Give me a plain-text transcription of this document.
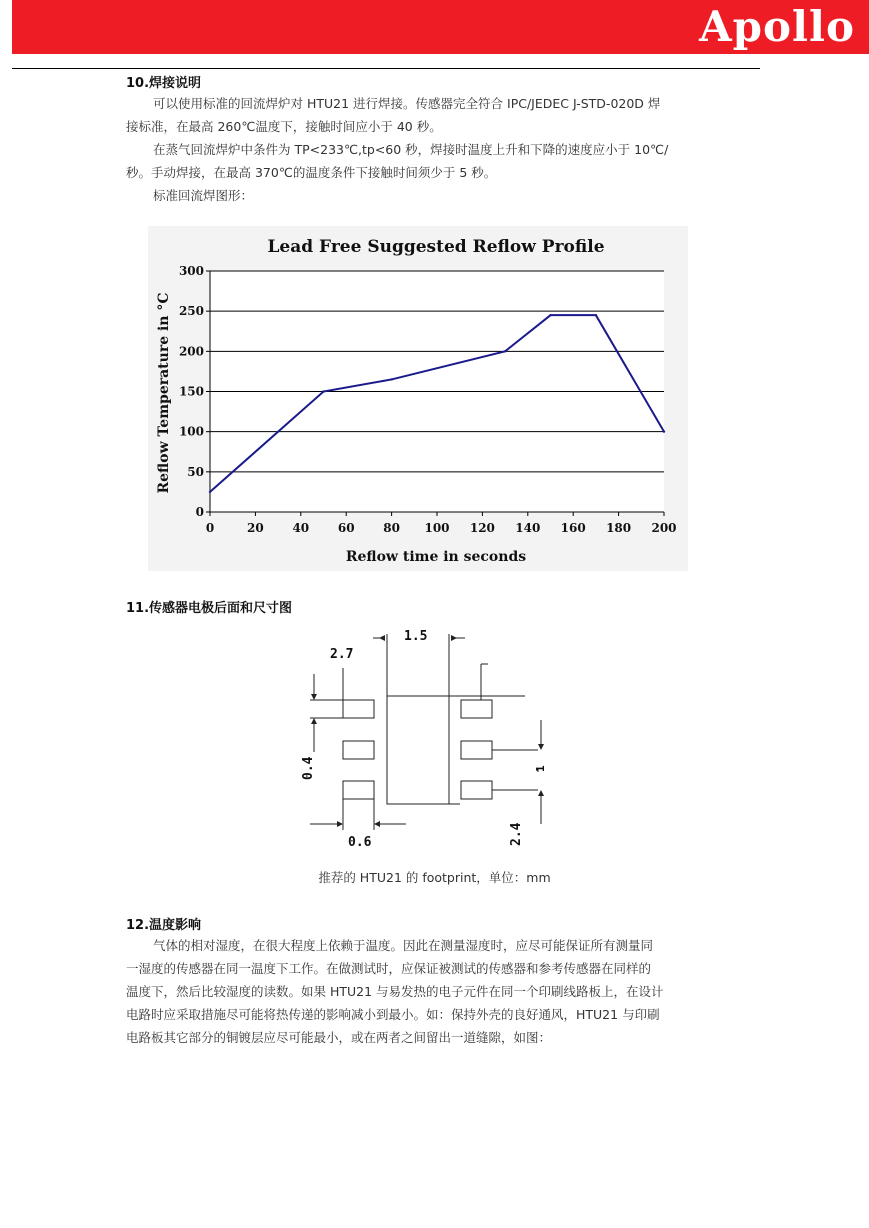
Apollo
10.焊接说明

可以使用标准的回流焊炉对 HTU21 进行焊接。传感器完全符合 IPC/JEDEC J-STD-020D 焊
接标准，在最高 260℃温度下，接触时间应小于 40 秒。
在蒸气回流焊炉中条件为 TP<233℃,tp<60 秒，焊接时温度上升和下降的速度应小于 10℃/
秒。手动焊接，在最高 370℃的温度条件下接触时间须少于 5 秒。
标准回流焊图形：

Lead Free Suggested Reflow Profile
Reflow Temperature in °C
Reflow time in seconds
0
50
100
150
200
250
300
0	20 40 60 80 100 120 140 160 180 200
11.传感器电极后面和尺寸图
1.5
2.7
0.4
0.6	2.4
1
推荐的 HTU21 的 footprint，单位：mm
12.温度影响

气体的相对湿度，在很大程度上依赖于温度。因此在测量湿度时，应尽可能保证所有测量同
一湿度的传感器在同一温度下工作。在做测试时，应保证被测试的传感器和参考传感器在同样的
温度下，然后比较湿度的读数。如果 HTU21 与易发热的电子元件在同一个印刷线路板上，在设计
电路时应采取措施尽可能将热传递的影响减小到最小。如：保持外壳的良好通风，HTU21 与印刷
电路板其它部分的铜镀层应尽可能最小，或在两者之间留出一道缝隙，如图：
